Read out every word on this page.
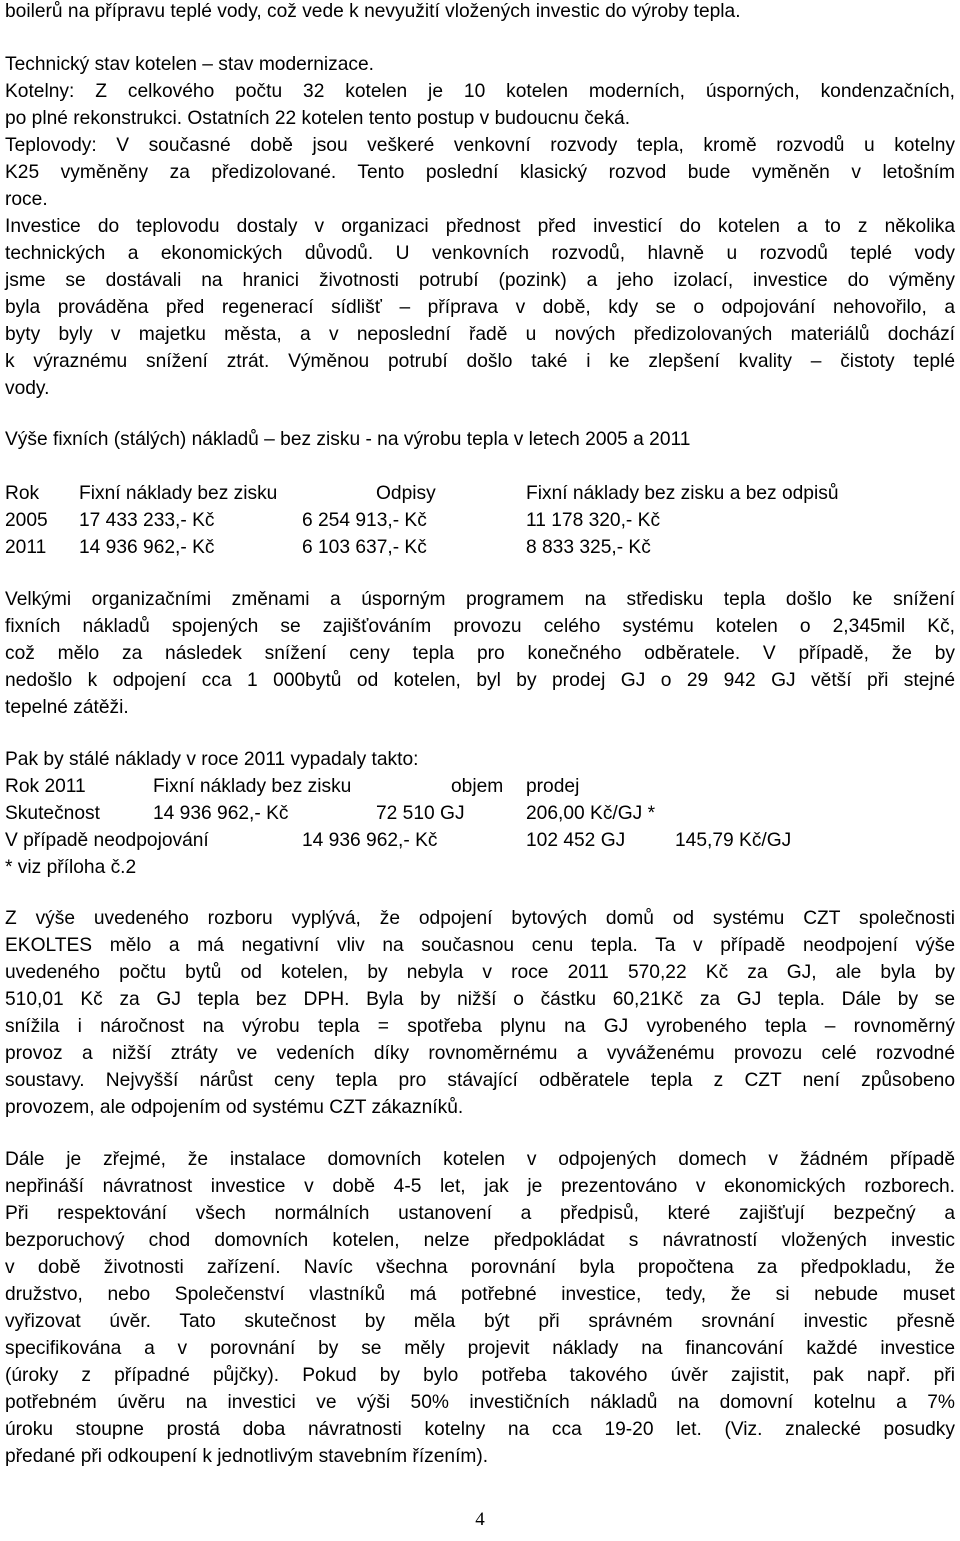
boilerů na přípravu teplé vody, což vede k nevyužití vložených investic do výroby tepla.

Technický stav kotelen – stav modernizace.

Kotelny: Z celkového počtu 32 kotelen je 10 kotelen moderních, úsporných, kondenzačních,

po plné rekonstrukci. Ostatních 22 kotelen tento postup v budoucnu čeká.

Teplovody: V současné době jsou veškeré venkovní rozvody tepla, kromě rozvodů u kotelny

K25 vyměněny za předizolované. Tento poslední klasický rozvod bude vyměněn v letošním

roce.

Investice do teplovodu dostaly v organizaci přednost před investicí do kotelen a to z několika

technických a ekonomických důvodů. U venkovních rozvodů, hlavně u rozvodů teplé vody

jsme se dostávali na hranici životnosti potrubí (pozink) a jeho izolací, investice do výměny

byla prováděna před regenerací sídlišť – příprava v době, kdy se o odpojování nehovořilo, a

byty byly v majetku města, a v neposlední řadě u nových předizolovaných materiálů dochází

k výraznému snížení ztrát. Výměnou potrubí došlo také i ke zlepšení kvality – čistoty teplé

vody.

Výše fixních (stálých) nákladů – bez zisku - na výrobu tepla v letech 2005 a 2011

Rok Fixní náklady bez zisku	Odpisy	Fixní náklady bez zisku a bez odpisů
2005 17 433 233,- Kč	6 254 913,- Kč	11 178 320,- Kč
2011 14 936 962,- Kč	6 103 637,- Kč	8 833 325,- Kč

Velkými organizačními změnami a úsporným programem na středisku tepla došlo ke snížení

fixních nákladů spojených se zajišťováním provozu celého systému kotelen o 2,345mil Kč,

což mělo za následek snížení ceny tepla pro konečného odběratele. V případě, že by

nedošlo k odpojení cca 1 000bytů od kotelen, byl by prodej GJ o 29 942 GJ větší při stejné

tepelné zátěži.

Pak by stálé náklady v roce 2011 vypadaly takto:

Rok 2011	Fixní náklady bez zisku	objem prodej
Skutečnost	14 936 962,- Kč	72 510 GJ	206,00 Kč/GJ *
V případě neodpojování	14 936 962,- Kč	102 452 GJ	145,79 Kč/GJ

* viz příloha č.2

Z výše uvedeného rozboru vyplývá, že odpojení bytových domů od systému CZT společnosti

EKOLTES mělo a má negativní vliv na současnou cenu tepla. Ta v případě neodpojení výše

uvedeného počtu bytů od kotelen, by nebyla v roce 2011 570,22 Kč za GJ, ale byla by

510,01 Kč za GJ tepla bez DPH. Byla by nižší o částku 60,21Kč za GJ tepla. Dále by se

snížila i náročnost na výrobu tepla = spotřeba plynu na GJ vyrobeného tepla – rovnoměrný

provoz a nižší ztráty ve vedeních díky rovnoměrnému a vyváženému provozu celé rozvodné

soustavy. Nejvyšší nárůst ceny tepla pro stávající odběratele tepla z CZT není způsobeno

provozem, ale odpojením od systému CZT zákazníků.

Dále je zřejmé, že instalace domovních kotelen v odpojených domech v žádném případě

nepřináší návratnost investice v době 4-5 let, jak je prezentováno v ekonomických rozborech.

Při respektování všech normálních ustanovení a předpisů, které zajišťují bezpečný a

bezporuchový chod domovních kotelen, nelze předpokládat s návratností vložených investic

v době životnosti zařízení. Navíc všechna porovnání byla propočtena za předpokladu, že

družstvo, nebo Společenství vlastníků má potřebné investice, tedy, že si nebude muset

vyřizovat úvěr. Tato skutečnost by měla být při správném srovnání investic přesně

specifikována a v porovnání by se měly projevit náklady na financování každé investice

(úroky z případné půjčky). Pokud by bylo potřeba takového úvěr zajistit, pak např. při

potřebném úvěru na investici ve výši 50% investičních nákladů na domovní kotelnu a 7%

úroku stoupne prostá doba návratnosti kotelny na cca 19-20 let. (Viz. znalecké posudky

předané při odkoupení k jednotlivým stavebním řízením).

4
